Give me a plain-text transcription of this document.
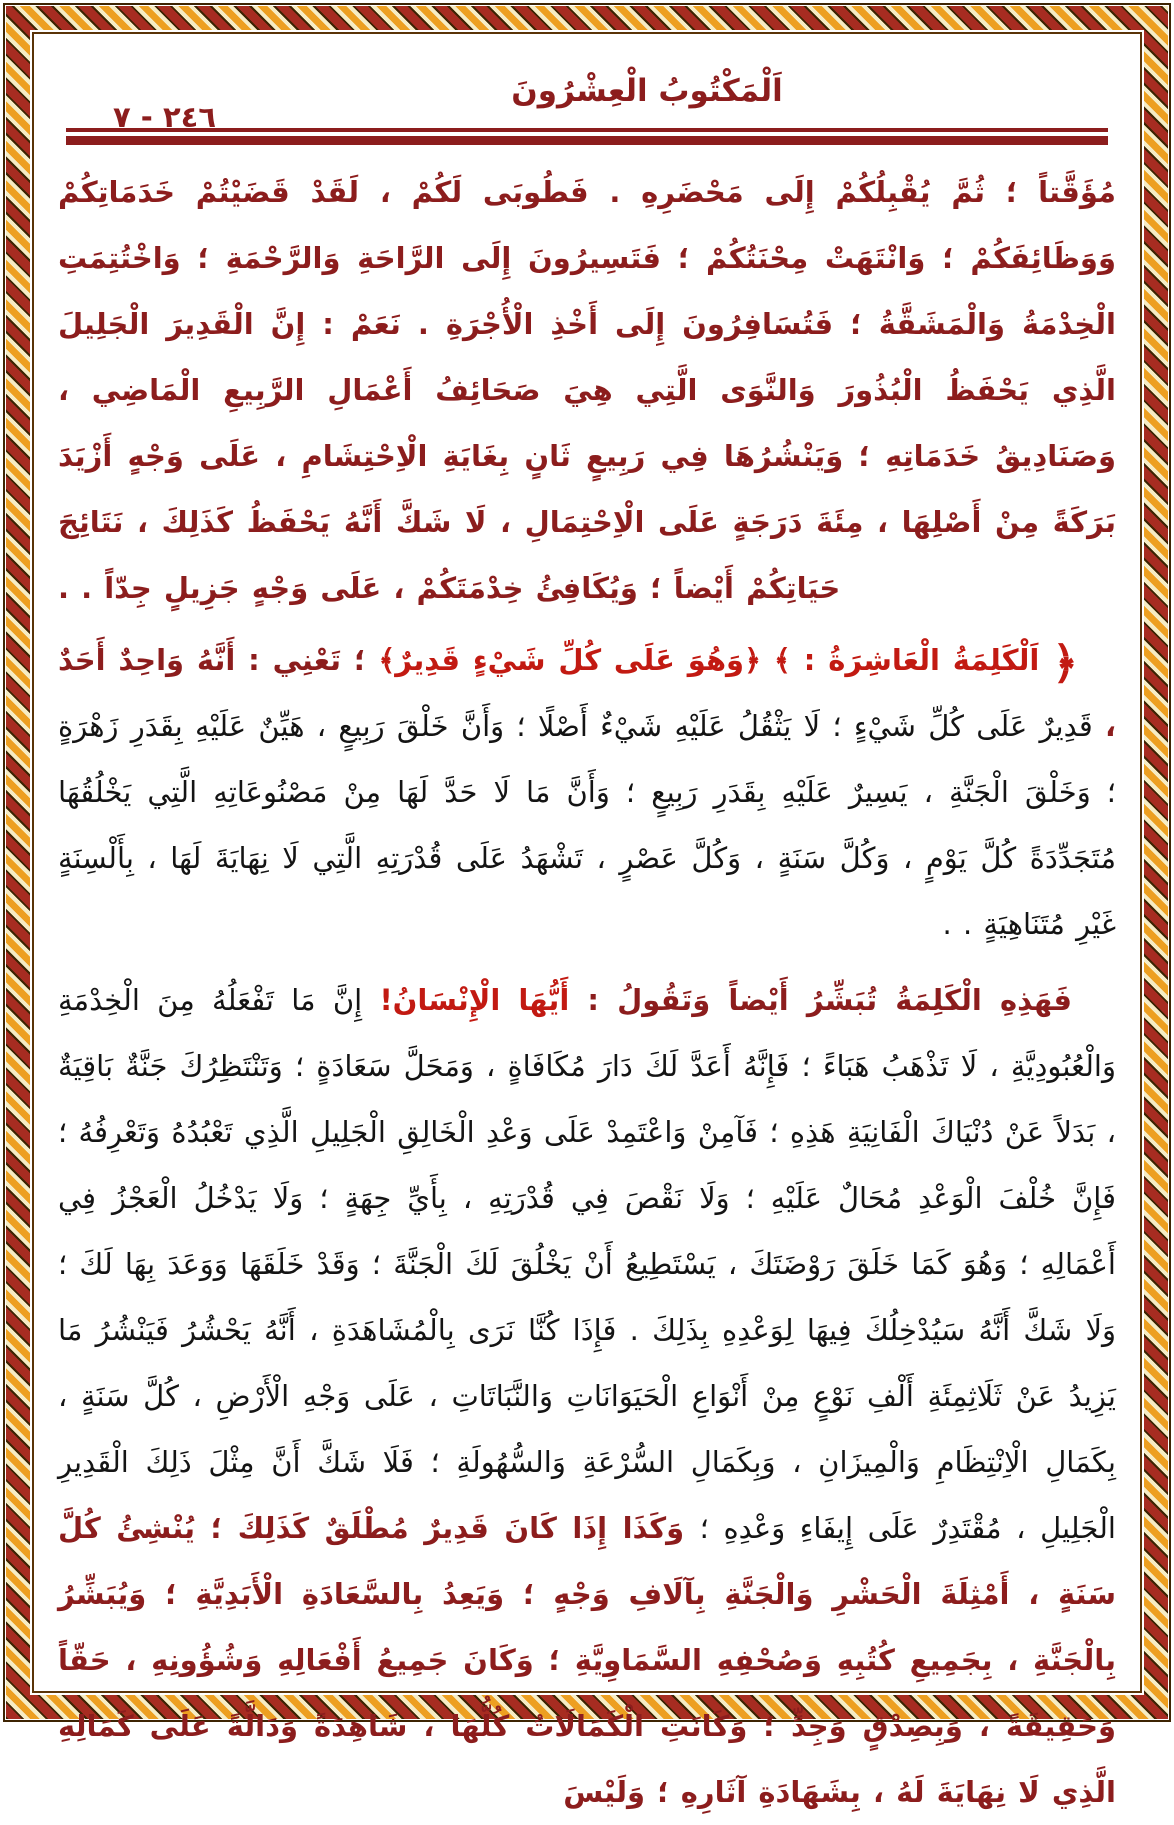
٢٤٦ - ٧
اَلْمَكْتُوبُ الْعِشْرُونَ

مُؤَقَّتاً ؛ ثُمَّ يُقْبِلُكُمْ إِلَى مَحْضَرِهِ . فَطُوبَى لَكُمْ ، لَقَدْ قَضَيْتُمْ خَدَمَاتِكُمْ وَوَظَائِفَكُمْ ؛ وَانْتَهَتْ مِحْنَتُكُمْ ؛ فَتَسِيرُونَ إِلَى الرَّاحَةِ وَالرَّحْمَةِ ؛ وَاخْتُتِمَتِ الْخِدْمَةُ وَالْمَشَقَّةُ ؛ فَتُسَافِرُونَ إِلَى أَخْذِ الْأُجْرَةِ . نَعَمْ : إِنَّ الْقَدِيرَ الْجَلِيلَ الَّذِي يَحْفَظُ الْبُذُورَ وَالنَّوَى الَّتِي هِيَ صَحَائِفُ أَعْمَالِ الرَّبِيعِ الْمَاضِي ، وَصَنَادِيقُ خَدَمَاتِهِ ؛ وَيَنْشُرُهَا فِي رَبِيعٍ ثَانٍ بِغَايَةِ الْاِحْتِشَامِ ، عَلَى وَجْهٍ أَزْيَدَ بَرَكَةً مِنْ أَصْلِهَا ، مِئَةَ دَرَجَةٍ عَلَى الْاِحْتِمَالِ ، لَا شَكَّ أَنَّهُ يَحْفَظُ كَذَلِكَ ، نَتَائِجَ حَيَاتِكُمْ أَيْضاً ؛ وَيُكَافِئُ خِدْمَتَكُمْ ، عَلَى وَجْهٍ جَزِيلٍ جِدّاً . .

﴿ اَلْكَلِمَةُ الْعَاشِرَةُ : ﴾ ﴿وَهُوَ عَلَى كُلِّ شَيْءٍ قَدِيرٌ﴾ ؛ تَعْنِي : أَنَّهُ وَاحِدٌ أَحَدٌ ، قَدِيرٌ عَلَى كُلِّ شَيْءٍ ؛ لَا يَثْقُلُ عَلَيْهِ شَيْءٌ أَصْلًا ؛ وَأَنَّ خَلْقَ رَبِيعٍ ، هَيِّنٌ عَلَيْهِ بِقَدَرِ زَهْرَةٍ ؛ وَخَلْقَ الْجَنَّةِ ، يَسِيرٌ عَلَيْهِ بِقَدَرِ رَبِيعٍ ؛ وَأَنَّ مَا لَا حَدَّ لَهَا مِنْ مَصْنُوعَاتِهِ الَّتِي يَخْلُقُهَا مُتَجَدِّدَةً كُلَّ يَوْمٍ ، وَكُلَّ سَنَةٍ ، وَكُلَّ عَصْرٍ ، تَشْهَدُ عَلَى قُدْرَتِهِ الَّتِي لَا نِهَايَةَ لَهَا ، بِأَلْسِنَةٍ غَيْرِ مُتَنَاهِيَةٍ . .

فَهَذِهِ الْكَلِمَةُ تُبَشِّرُ أَيْضاً وَتَقُولُ : أَيُّهَا الْإِنْسَانُ! إِنَّ مَا تَفْعَلُهُ مِنَ الْخِدْمَةِ وَالْعُبُودِيَّةِ ، لَا تَذْهَبُ هَبَاءً ؛ فَإِنَّهُ أَعَدَّ لَكَ دَارَ مُكَافَاةٍ ، وَمَحَلَّ سَعَادَةٍ ؛ وَتَنْتَظِرُكَ جَنَّةٌ بَاقِيَةٌ ، بَدَلاً عَنْ دُنْيَاكَ الْفَانِيَةِ هَذِهِ ؛ فَآمِنْ وَاعْتَمِدْ عَلَى وَعْدِ الْخَالِقِ الْجَلِيلِ الَّذِي تَعْبُدُهُ وَتَعْرِفُهُ ؛ فَإِنَّ خُلْفَ الْوَعْدِ مُحَالٌ عَلَيْهِ ؛ وَلَا نَقْصَ فِي قُدْرَتِهِ ، بِأَيِّ جِهَةٍ ؛ وَلَا يَدْخُلُ الْعَجْزُ فِي أَعْمَالِهِ ؛ وَهُوَ كَمَا خَلَقَ رَوْضَتَكَ ، يَسْتَطِيعُ أَنْ يَخْلُقَ لَكَ الْجَنَّةَ ؛ وَقَدْ خَلَقَهَا وَوَعَدَ بِهَا لَكَ ؛ وَلَا شَكَّ أَنَّهُ سَيُدْخِلُكَ فِيهَا لِوَعْدِهِ بِذَلِكَ . فَإِذَا كُنَّا نَرَى بِالْمُشَاهَدَةِ ، أَنَّهُ يَحْشُرُ فَيَنْشُرُ مَا يَزِيدُ عَنْ ثَلَاثِمِئَةِ أَلْفِ نَوْعٍ مِنْ أَنْوَاعِ الْحَيَوَانَاتِ وَالنَّبَاتَاتِ ، عَلَى وَجْهِ الْأَرْضِ ، كُلَّ سَنَةٍ ، بِكَمَالِ الْاِنْتِظَامِ وَالْمِيزَانِ ، وَبِكَمَالِ السُّرْعَةِ وَالسُّهُولَةِ ؛ فَلَا شَكَّ أَنَّ مِثْلَ ذَلِكَ الْقَدِيرِ الْجَلِيلِ ، مُقْتَدِرٌ عَلَى إِيفَاءِ وَعْدِهِ ؛ وَكَذَا إِذَا كَانَ قَدِيرٌ مُطْلَقٌ كَذَلِكَ ؛ يُنْشِئُ كُلَّ سَنَةٍ ، أَمْثِلَةَ الْحَشْرِ وَالْجَنَّةِ بِآلَافِ وَجْهٍ ؛ وَيَعِدُ بِالسَّعَادَةِ الْأَبَدِيَّةِ ؛ وَيُبَشِّرُ بِالْجَنَّةِ ، بِجَمِيعِ كُتُبِهِ وَصُحْفِهِ السَّمَاوِيَّةِ ؛ وَكَانَ جَمِيعُ أَفْعَالِهِ وَشُؤُونِهِ ، حَقّاً وَحَقِيقَةً ، وَبِصِدْقٍ وَجِدٍّ ؛ وَكَانَتِ الْكَمَالَاتُ كُلُّهَا ، شَاهِدَةً وَدَالَّةً عَلَى كَمَالِهِ الَّذِي لَا نِهَايَةَ لَهُ ، بِشَهَادَةِ آثَارِهِ ؛ وَلَيْسَ
